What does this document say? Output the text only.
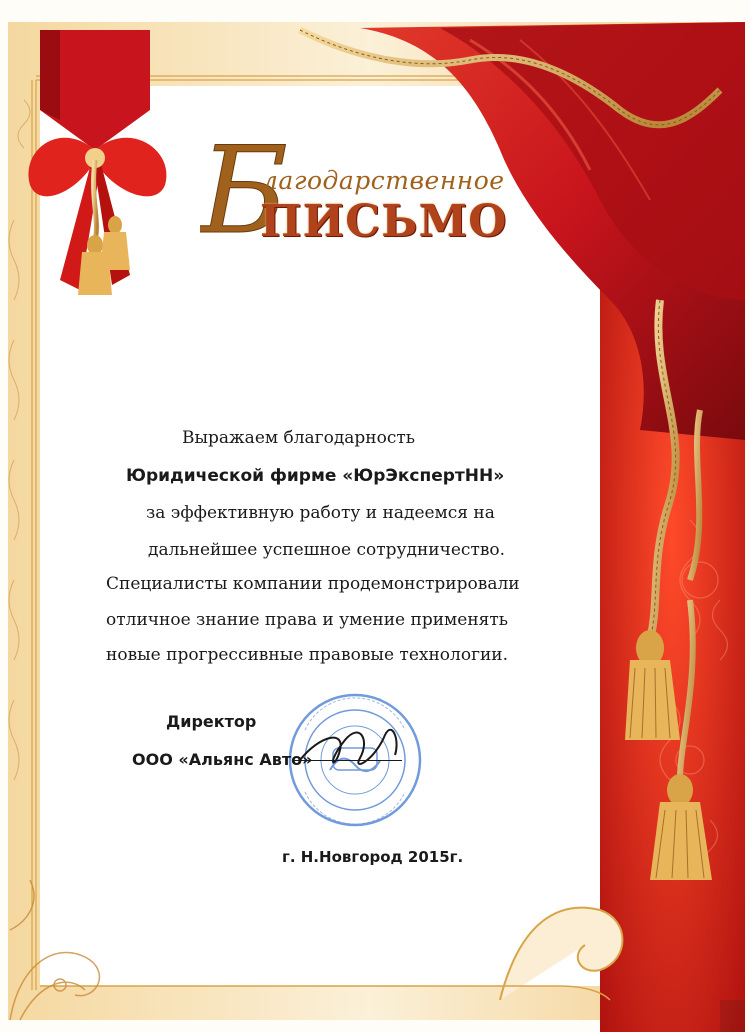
Б
лагодарственное
ПИСЬМО
Выражаем благодарность
Юридической фирме «ЮрЭкспертНН»
за эффективную работу и надеемся на
дальнейшее успешное сотрудничество.
Специалисты компании продемонстрировали
отличное знание права и умение применять
новые прогрессивные правовые технологии.
Директор
ООО «Альянс Авто»
г. Н.Новгород 2015г.
